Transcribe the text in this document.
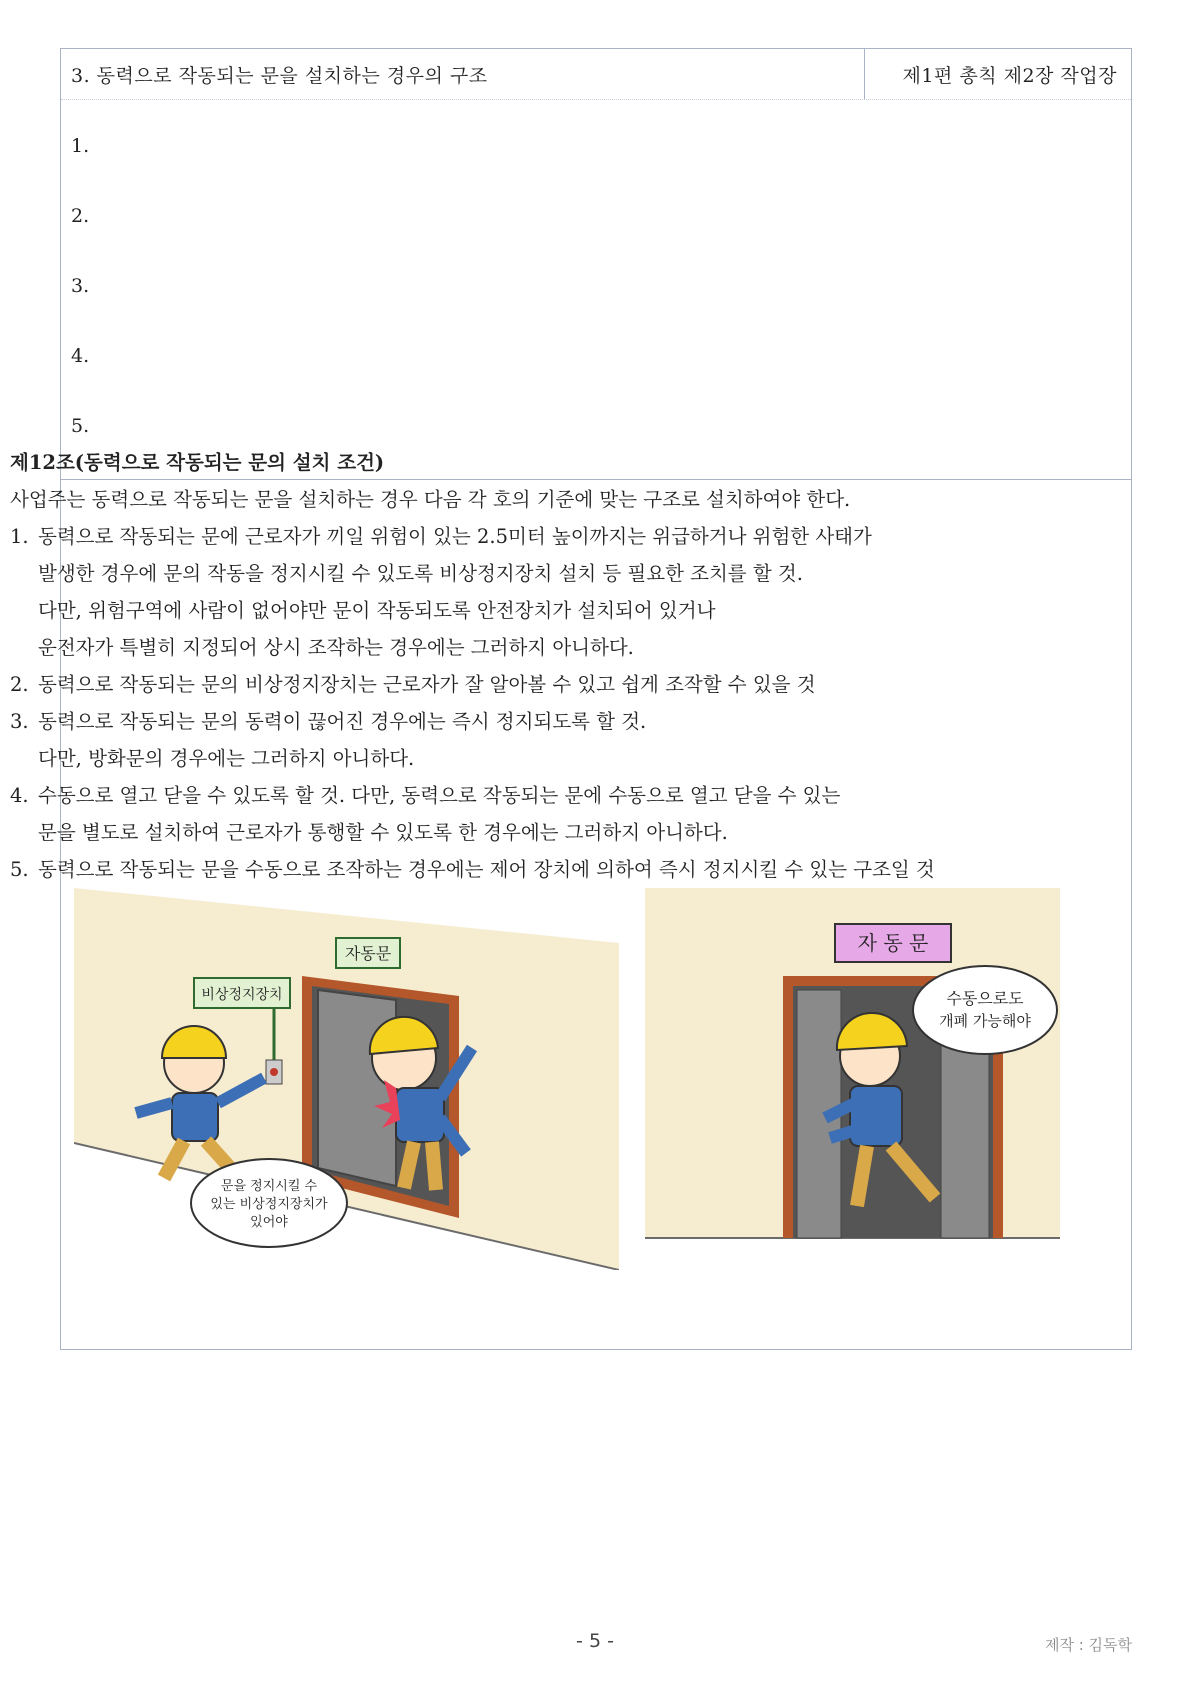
3. 동력으로 작동되는 문을 설치하는 경우의 구조	제1편 총칙 제2장 작업장
1.
2.
3.
4.
5.

제12조(동력으로 작동되는 문의 설치 조건)

사업주는 동력으로 작동되는 문을 설치하는 경우 다음 각 호의 기준에 맞는 구조로 설치하여야 한다.

1. 동력으로 작동되는 문에 근로자가 끼일 위험이 있는 2.5미터 높이까지는 위급하거나 위험한 사태가

발생한 경우에 문의 작동을 정지시킬 수 있도록 비상정지장치 설치 등 필요한 조치를 할 것.

다만, 위험구역에 사람이 없어야만 문이 작동되도록 안전장치가 설치되어 있거나

운전자가 특별히 지정되어 상시 조작하는 경우에는 그러하지 아니하다.

2. 동력으로 작동되는 문의 비상정지장치는 근로자가 잘 알아볼 수 있고 쉽게 조작할 수 있을 것
3. 동력으로 작동되는 문의 동력이 끊어진 경우에는 즉시 정지되도록 할 것.

다만, 방화문의 경우에는 그러하지 아니하다.

4. 수동으로 열고 닫을 수 있도록 할 것. 다만, 동력으로 작동되는 문에 수동으로 열고 닫을 수 있는

문을 별도로 설치하여 근로자가 통행할 수 있도록 한 경우에는 그러하지 아니하다.

5. 동력으로 작동되는 문을 수동으로 조작하는 경우에는 제어 장치에 의하여 즉시 정지시킬 수 있는 구조일 것
자동문
비상정지장치
문을 정지시킬 수
있는 비상정지장치가
있어야
자 동 문
수동으로도
개폐 가능해야
- 5 -	제작 : 김독학
